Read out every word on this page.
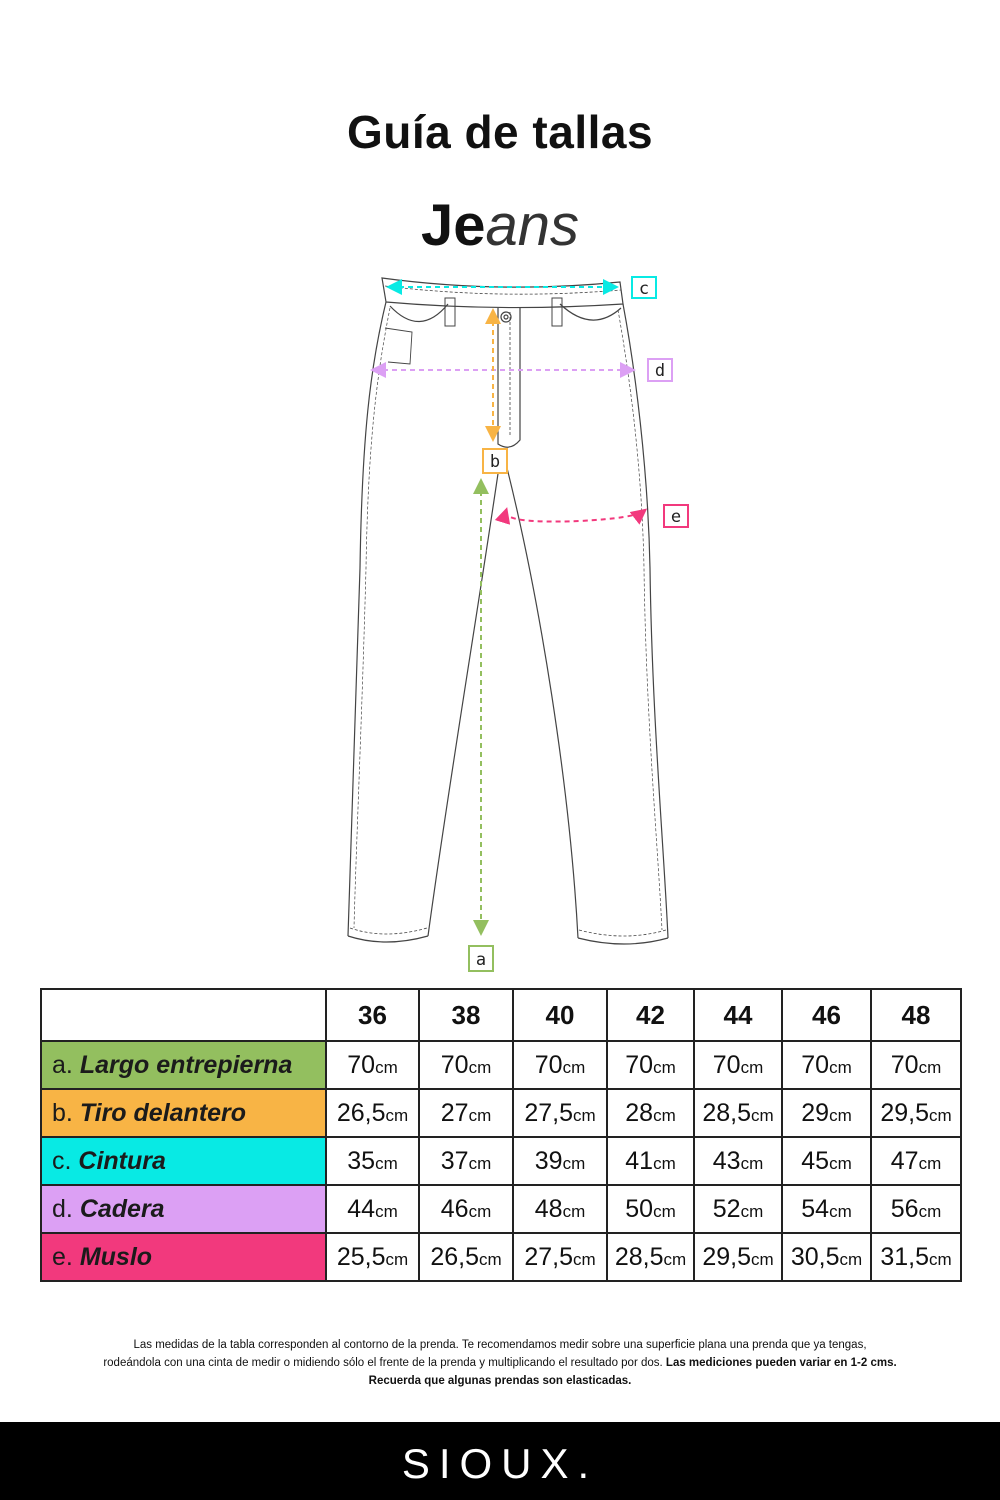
Guía de tallas
Jeans
c
d
b
e
a
	36	38	40	42	44	46	48
a. Largo entrepierna	70cm	70cm	70cm	70cm	70cm	70cm	70cm
b. Tiro delantero	26,5cm	27cm	27,5cm	28cm	28,5cm	29cm	29,5cm
c. Cintura	35cm	37cm	39cm	41cm	43cm	45cm	47cm
d. Cadera	44cm	46cm	48cm	50cm	52cm	54cm	56cm
e. Muslo	25,5cm	26,5cm	27,5cm	28,5cm	29,5cm	30,5cm	31,5cm
Las medidas de la tabla corresponden al contorno de la prenda. Te recomendamos medir sobre una superficie plana una prenda que ya tengas,
rodeándola con una cinta de medir o midiendo sólo el frente de la prenda y multiplicando el resultado por dos. Las mediciones pueden variar en 1-2 cms.
Recuerda que algunas prendas son elasticadas.
SIOUX.
